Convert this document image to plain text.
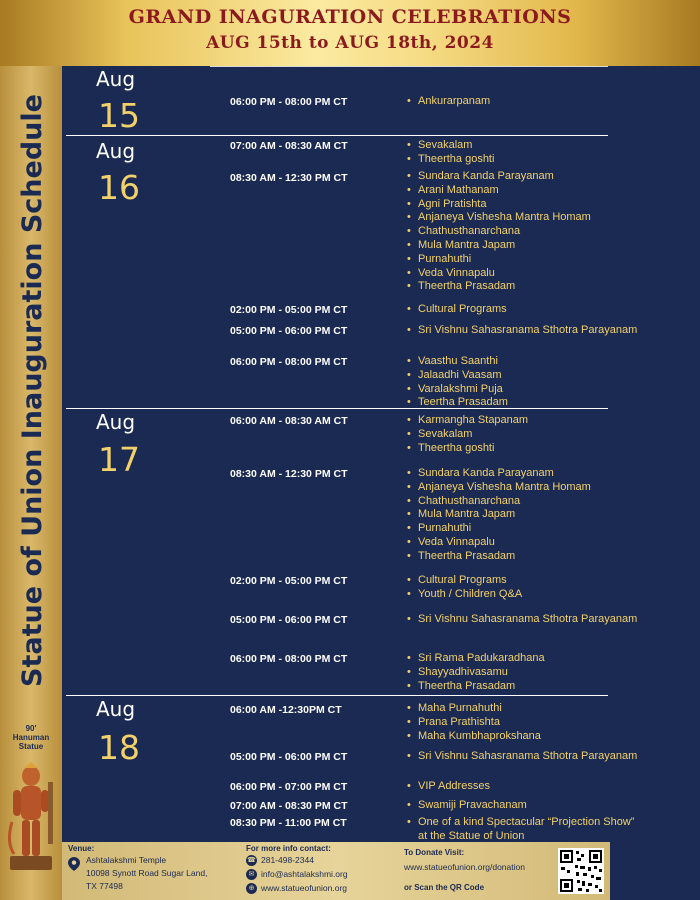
GRAND INAGURATION CELEBRATIONS
AUG 15th to AUG 18th, 2024
Statue of Union Inauguration Schedule
90'
Hanuman
Statue
Aug
15	06:00 PM - 08:00 PM CT	• Ankurarpanam
Aug
16
07:00 AM - 08:30 AM CT	• Sevakalam
• Theertha goshti
08:30 AM - 12:30 PM CT	• Sundara Kanda Parayanam
• Arani Mathanam
• Agni Pratishta
• Anjaneya Vishesha Mantra Homam
• Chathusthanarchana
• Mula Mantra Japam
• Purnahuthi
• Veda Vinnapalu
• Theertha Prasadam
02:00 PM - 05:00 PM CT	• Cultural Programs
05:00 PM - 06:00 PM CT	• Sri Vishnu Sahasranama Sthotra Parayanam
06:00 PM - 08:00 PM CT	• Vaasthu Saanthi
• Jalaadhi Vaasam
• Varalakshmi Puja
• Teertha Prasadam
Aug
17
06:00 AM - 08:30 AM CT	• Karmangha Stapanam
• Sevakalam
• Theertha goshti
08:30 AM - 12:30 PM CT	• Sundara Kanda Parayanam
• Anjaneya Vishesha Mantra Homam
• Chathusthanarchana
• Mula Mantra Japam
• Purnahuthi
• Veda Vinnapalu
• Theertha Prasadam
02:00 PM - 05:00 PM CT	• Cultural Programs
• Youth / Children Q&A
05:00 PM - 06:00 PM CT	• Sri Vishnu Sahasranama Sthotra Parayanam
06:00 PM - 08:00 PM CT	• Sri Rama Padukaradhana
• Shayyadhivasamu
• Theertha Prasadam
Aug
18
06:00 AM -12:30PM CT	• Maha Purnahuthi
• Prana Prathishta
• Maha Kumbhaprokshana
05:00 PM - 06:00 PM CT	• Sri Vishnu Sahasranama Sthotra Parayanam
06:00 PM - 07:00 PM CT	• VIP Addresses
07:00 AM - 08:30 PM CT	• Swamiji Pravachanam
08:30 PM - 11:00 PM CT	• One of a kind Spectacular “Projection Show” at the Statue of Union
Venue:
Ashtalakshmi Temple
10098 Synott Road Sugar Land,
TX 77498
For more info contact:
☎ 281-498-2344
✉ info@ashtalakshmi.org
⊕ www.statueofunion.org
To Donate Visit:
www.statueofunion.org/donation
or Scan the QR Code
